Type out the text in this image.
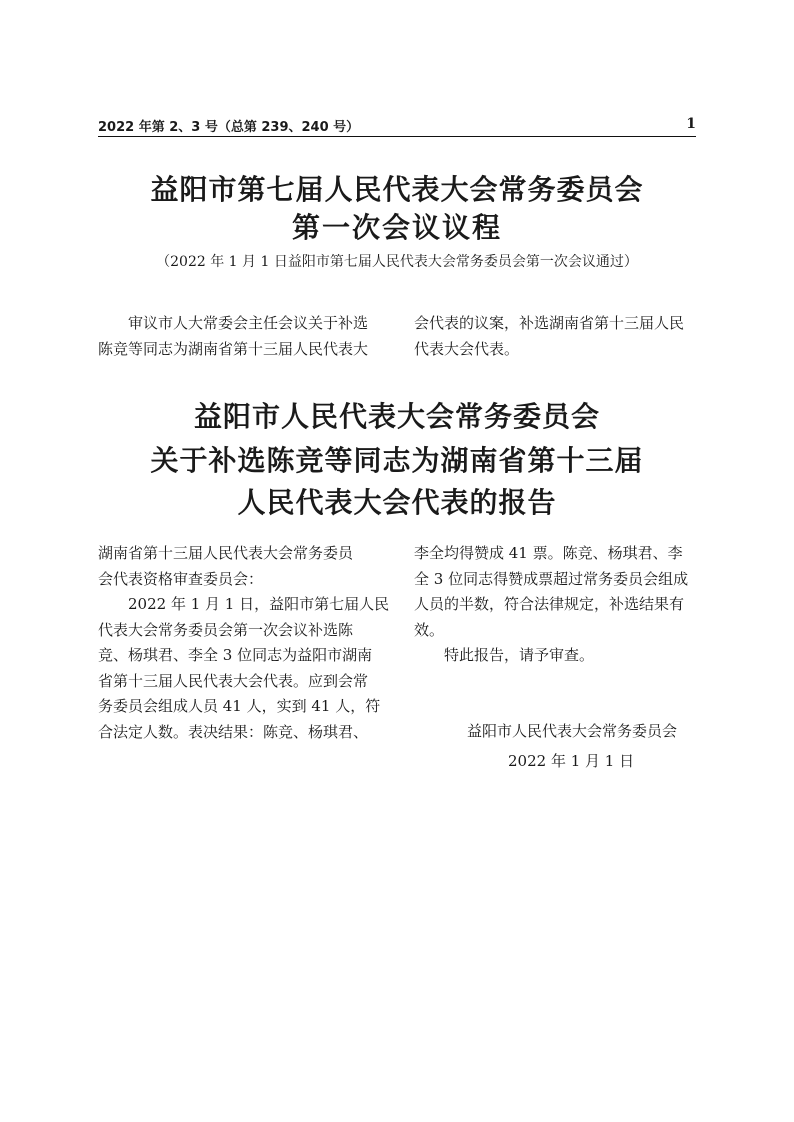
2022 年第 2、3 号（总第 239、240 号）	1
益阳市第七届人民代表大会常务委员会
第一次会议议程
（2022 年 1 月 1 日益阳市第七届人民代表大会常务委员会第一次会议通过）
审议市人大常委会主任会议关于补选
陈竞等同志为湖南省第十三届人民代表大
会代表的议案，补选湖南省第十三届人民
代表大会代表。
益阳市人民代表大会常务委员会
关于补选陈竞等同志为湖南省第十三届
人民代表大会代表的报告
湖南省第十三届人民代表大会常务委员
会代表资格审查委员会：
2022 年 1 月 1 日，益阳市第七届人民
代表大会常务委员会第一次会议补选陈
竞、杨琪君、李全 3 位同志为益阳市湖南
省第十三届人民代表大会代表。应到会常
务委员会组成人员 41 人，实到 41 人，符
合法定人数。表决结果：陈竞、杨琪君、
李全均得赞成 41 票。陈竞、杨琪君、李
全 3 位同志得赞成票超过常务委员会组成
人员的半数，符合法律规定，补选结果有
效。
特此报告，请予审查。
益阳市人民代表大会常务委员会
2022 年 1 月 1 日
